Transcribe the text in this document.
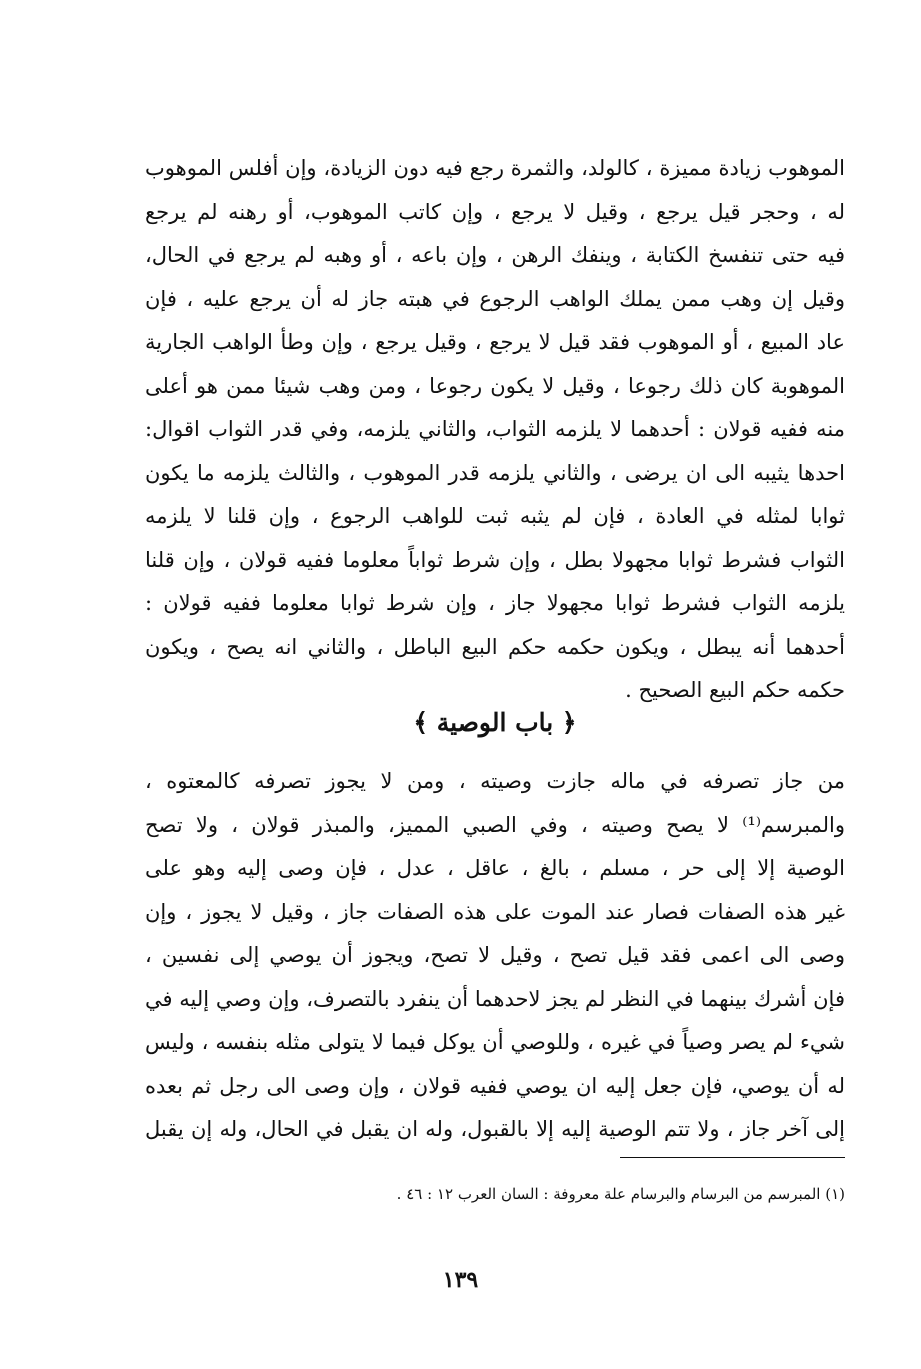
الموهوب زيادة مميزة ، كالولد، والثمرة رجع فيه دون الزيادة، وإن أفلس الموهوب
له ، وحجر قيل يرجع ، وقيل لا يرجع ، وإن كاتب الموهوب، أو رهنه لم يرجع
فيه حتى تنفسخ الكتابة ، وينفك الرهن ، وإن باعه ، أو وهبه لم يرجع في الحال،
وقيل إن وهب ممن يملك الواهب الرجوع في هبته جاز له أن يرجع عليه ، فإن
عاد المبيع ، أو الموهوب فقد قيل لا يرجع ، وقيل يرجع ، وإن وطأ الواهب الجارية
الموهوبة كان ذلك رجوعا ، وقيل لا يكون رجوعا ، ومن وهب شيئا ممن هو أعلى
منه ففيه قولان : أحدهما لا يلزمه الثواب، والثاني يلزمه، وفي قدر الثواب اقوال:
احدها يثيبه الى ان يرضى ، والثاني يلزمه قدر الموهوب ، والثالث يلزمه ما يكون
ثوابا لمثله في العادة ، فإن لم يثبه ثبت للواهب الرجوع ، وإن قلنا لا يلزمه
الثواب فشرط ثوابا مجهولا بطل ، وإن شرط ثواباً معلوما ففيه قولان ، وإن قلنا
يلزمه الثواب فشرط ثوابا مجهولا جاز ، وإن شرط ثوابا معلوما ففيه قولان :
أحدهما أنه يبطل ، ويكون حكمه حكم البيع الباطل ، والثاني انه يصح ، ويكون
حكمه حكم البيع الصحيح .
﴿ باب الوصية ﴾
من جاز تصرفه في ماله جازت وصيته ، ومن لا يجوز تصرفه كالمعتوه ،
والمبرسم⁽¹⁾ لا يصح وصيته ، وفي الصبي المميز، والمبذر قولان ، ولا تصح
الوصية إلا إلى حر ، مسلم ، بالغ ، عاقل ، عدل ، فإن وصى إليه وهو على
غير هذه الصفات فصار عند الموت على هذه الصفات جاز ، وقيل لا يجوز ، وإن
وصى الى اعمى فقد قيل تصح ، وقيل لا تصح، ويجوز أن يوصي إلى نفسين ،
فإن أشرك بينهما في النظر لم يجز لاحدهما أن ينفرد بالتصرف، وإن وصي إليه في
شيء لم يصر وصياً في غيره ، وللوصي أن يوكل فيما لا يتولى مثله بنفسه ، وليس
له أن يوصي، فإن جعل إليه ان يوصي ففيه قولان ، وإن وصى الى رجل ثم بعده
إلى آخر جاز ، ولا تتم الوصية إليه إلا بالقبول، وله ان يقبل في الحال، وله إن يقبل
(١) المبرسم من البرسام والبرسام علة معروفة : السان العرب ١٢ : ٤٦ .
١٣٩
